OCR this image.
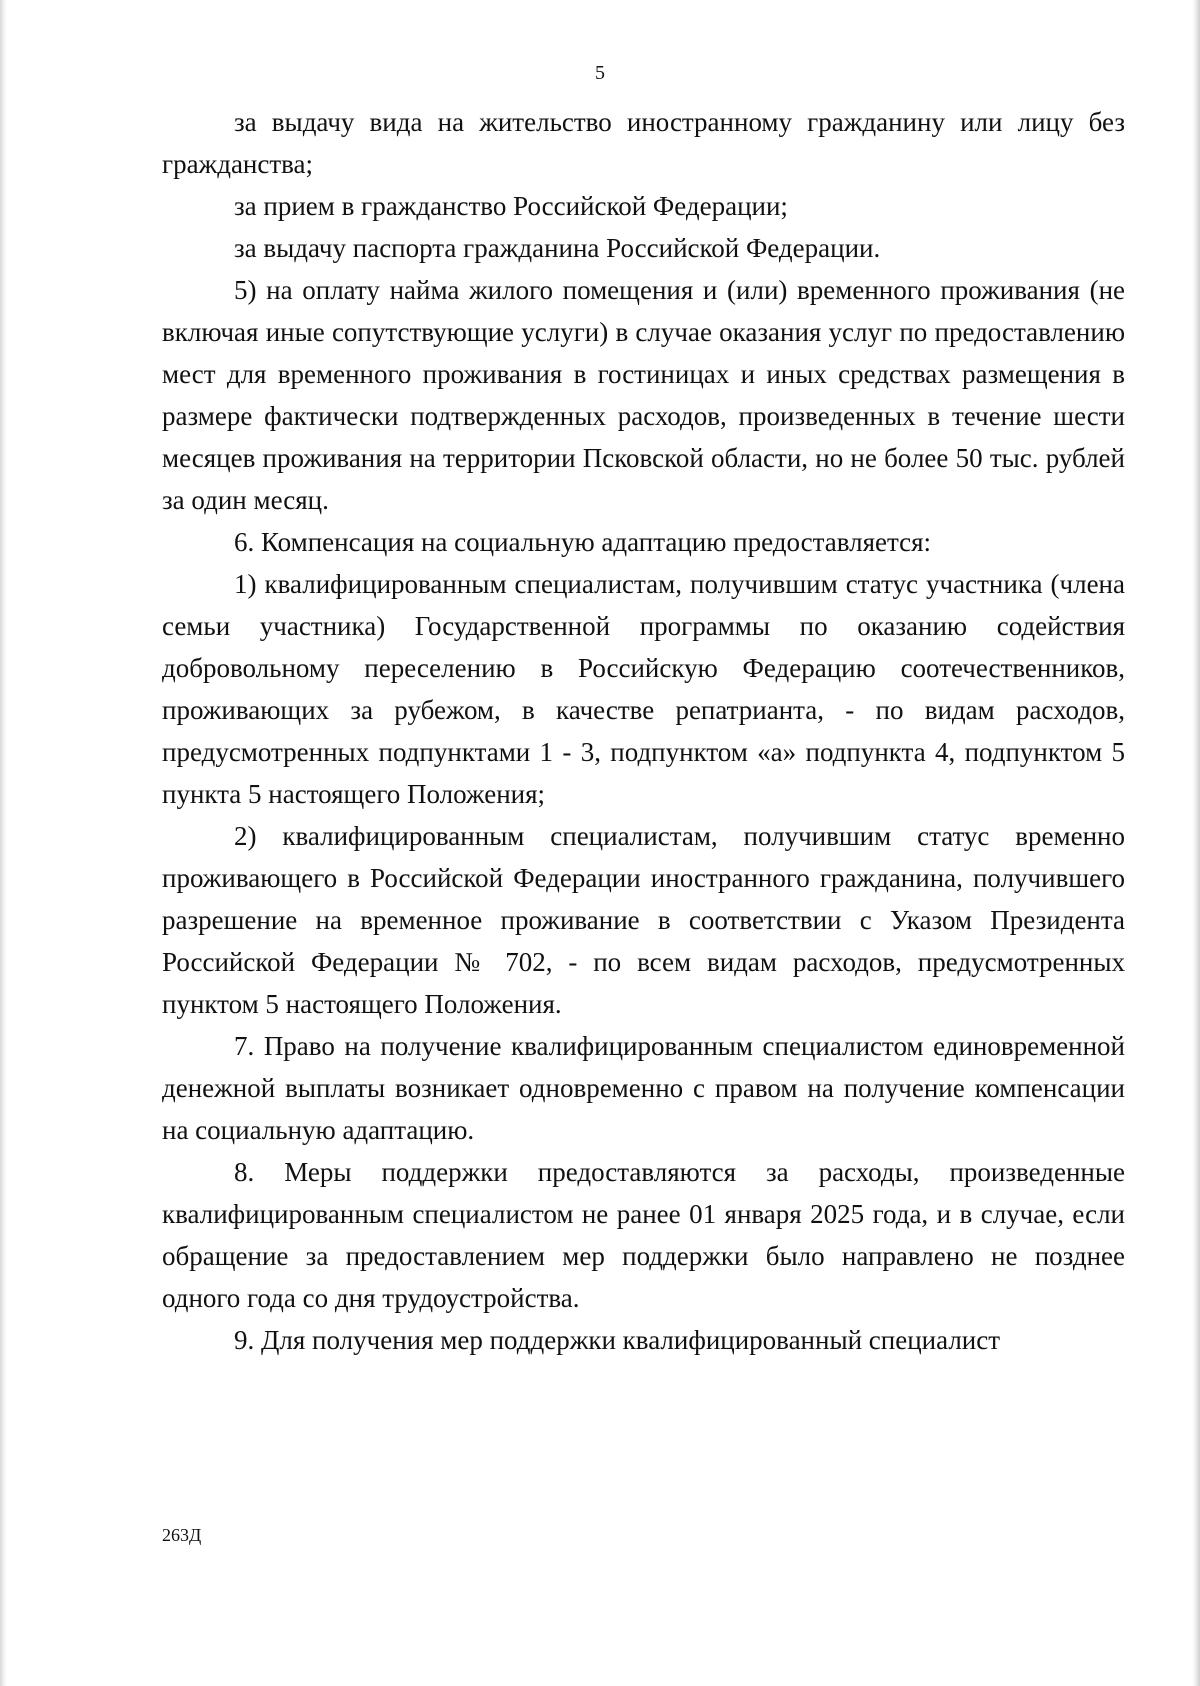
5

за выдачу вида на жительство иностранному гражданину или лицу без гражданства;

за прием в гражданство Российской Федерации;

за выдачу паспорта гражданина Российской Федерации.

5) на оплату найма жилого помещения и (или) временного проживания (не включая иные сопутствующие услуги) в случае оказания услуг по предоставлению мест для временного проживания в гостиницах и иных средствах размещения в размере фактически подтвержденных расходов, произведенных в течение шести месяцев проживания на территории Псковской области, но не более 50 тыс. рублей за один месяц.

6. Компенсация на социальную адаптацию предоставляется:

1) квалифицированным специалистам, получившим статус участника (члена семьи участника) Государственной программы по оказанию содействия добровольному переселению в Российскую Федерацию соотечественников, проживающих за рубежом, в качестве репатрианта, - по видам расходов, предусмотренных подпунктами 1 - 3, подпунктом «а» подпункта 4, подпунктом 5 пункта 5 настоящего Положения;

2) квалифицированным специалистам, получившим статус временно проживающего в Российской Федерации иностранного гражданина, получившего разрешение на временное проживание в соответствии с Указом Президента Российской Федерации № 702, - по всем видам расходов, предусмотренных пунктом 5 настоящего Положения.

7. Право на получение квалифицированным специалистом единовременной денежной выплаты возникает одновременно с правом на получение компенсации на социальную адаптацию.

8. Меры поддержки предоставляются за расходы, произведенные квалифицированным специалистом не ранее 01 января 2025 года, и в случае, если обращение за предоставлением мер поддержки было направлено не позднее одного года со дня трудоустройства.

9. Для получения мер поддержки квалифицированный специалист

263Д
